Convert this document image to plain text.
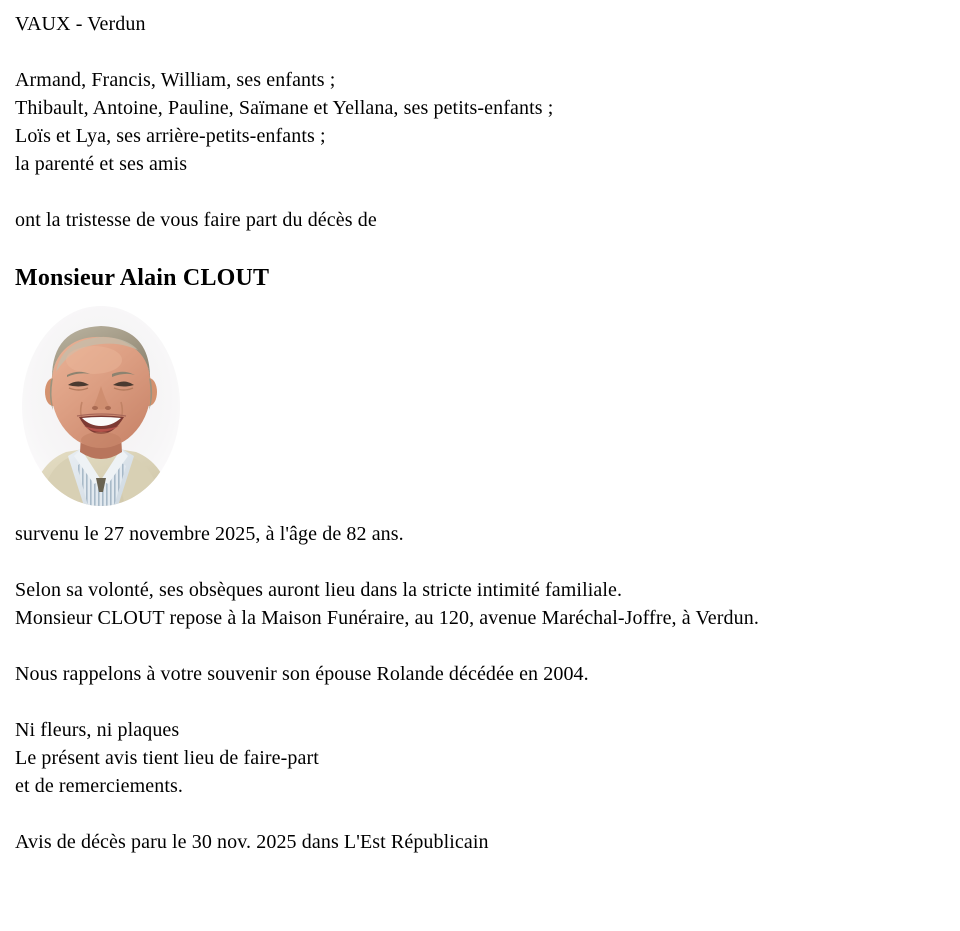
VAUX - Verdun

Armand, Francis, William, ses enfants ;
Thibault, Antoine, Pauline, Saïmane et Yellana, ses petits-enfants ;
Loïs et Lya, ses arrière-petits-enfants ;
la parenté et ses amis

ont la tristesse de vous faire part du décès de

Monsieur Alain CLOUT

survenu le 27 novembre 2025, à l'âge de 82 ans.

Selon sa volonté, ses obsèques auront lieu dans la stricte intimité familiale.
Monsieur CLOUT repose à la Maison Funéraire, au 120, avenue Maréchal-Joffre, à Verdun.

Nous rappelons à votre souvenir son épouse Rolande décédée en 2004.

Ni fleurs, ni plaques
Le présent avis tient lieu de faire-part
et de remerciements.

Avis de décès paru le 30 nov. 2025 dans L'Est Républicain
